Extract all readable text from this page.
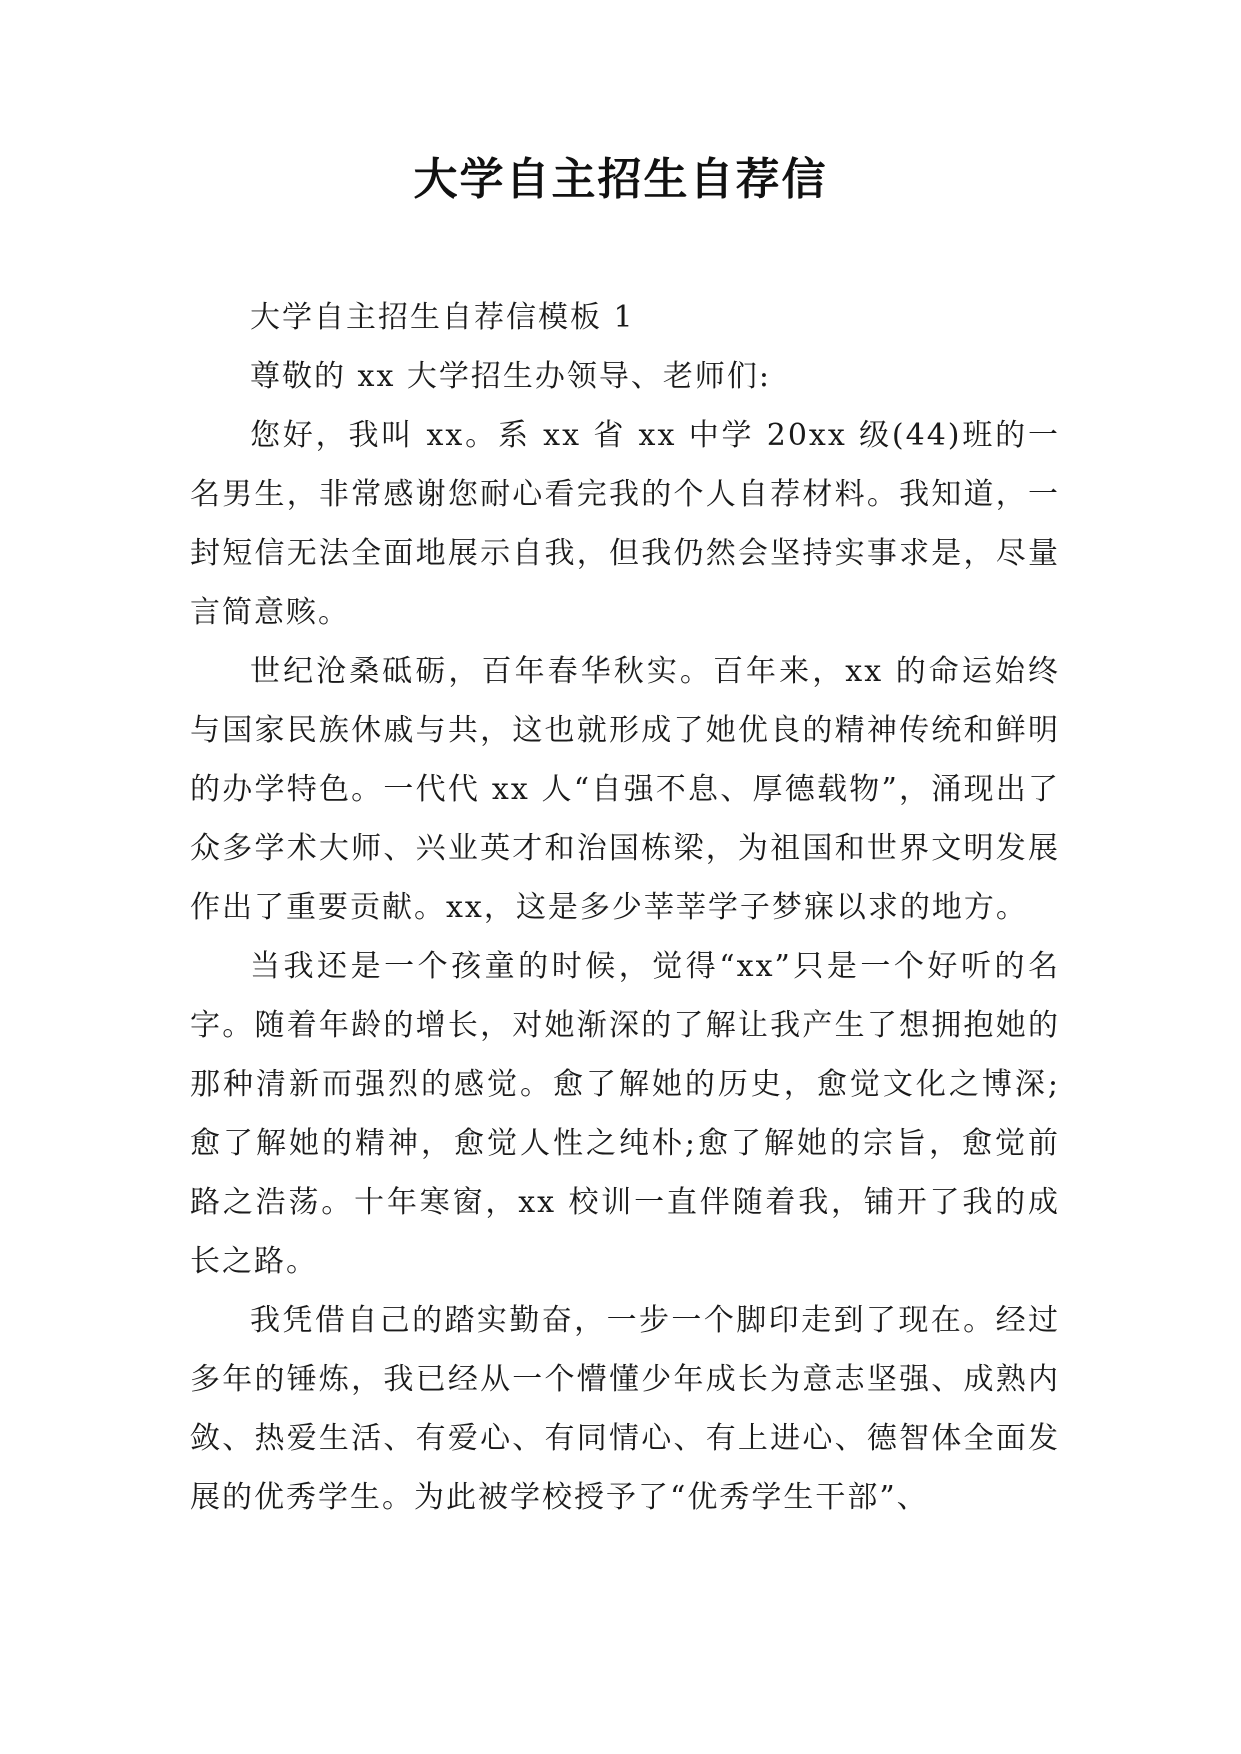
大学自主招生自荐信

大学自主招生自荐信模板 1

尊敬的 xx 大学招生办领导、老师们:

您好，我叫 xx。系 xx 省 xx 中学 20xx 级(44)班的一名男生，非常感谢您耐心看完我的个人自荐材料。我知道，一封短信无法全面地展示自我，但我仍然会坚持实事求是，尽量言简意赅。

世纪沧桑砥砺，百年春华秋实。百年来，xx 的命运始终与国家民族休戚与共，这也就形成了她优良的精神传统和鲜明的办学特色。一代代 xx 人“自强不息、厚德载物”，涌现出了众多学术大师、兴业英才和治国栋梁，为祖国和世界文明发展作出了重要贡献。xx，这是多少莘莘学子梦寐以求的地方。

当我还是一个孩童的时候，觉得“xx”只是一个好听的名字。随着年龄的增长，对她渐深的了解让我产生了想拥抱她的那种清新而强烈的感觉。愈了解她的历史，愈觉文化之博深;愈了解她的精神，愈觉人性之纯朴;愈了解她的宗旨，愈觉前路之浩荡。十年寒窗，xx 校训一直伴随着我，铺开了我的成长之路。

我凭借自己的踏实勤奋，一步一个脚印走到了现在。经过多年的锤炼，我已经从一个懵懂少年成长为意志坚强、成熟内敛、热爱生活、有爱心、有同情心、有上进心、德智体全面发展的优秀学生。为此被学校授予了“优秀学生干部”、
